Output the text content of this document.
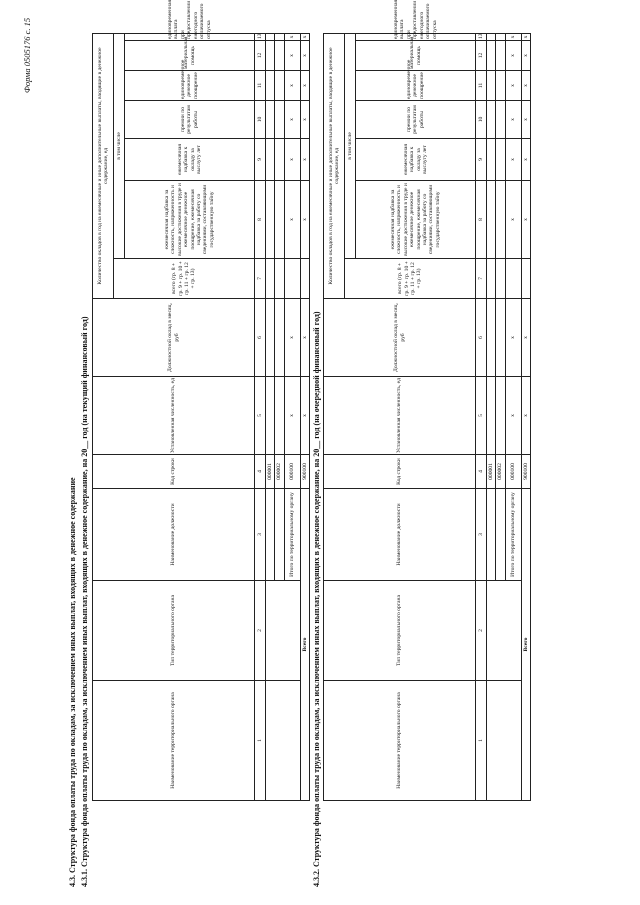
Форма 0505176 с. 15
4.3. Структура фонда оплаты труда по окладам, за исключением иных выплат, входящих в денежное содержание 4.3.1. Структура фонда оплаты труда по окладам, за исключением иных выплат, входящих в денежное содержание, на 20__ год (на текущий финансовый год)	Наименование территориального органа	Тип территориального органа	Наименование должности	Код строки	Установленная численность, ед	Должностной оклад в месяц, руб	Количество окладов в год на ежемесячные и иные дополнительные выплаты, входящие в денежное содержание, ед						
						всего (гр. 8 + гр. 9 + гр. 10 + гр. 11 + гр. 12 + гр. 13)	в том числе					
							ежемесячная надбавка за сложность, напряженность и высокие достижения в труде и ежемесячное денежное поощрение, ежемесячная надбавка за работу со сведениями, составляющими государственную тайну	ежемесячная надбавка к окладу за выслугу лет	премии по результатам работы	единовременное денежное поощрение	материальная помощь	единовременная выплата при предоставлении ежегодного оплачиваемого отпуска
1	2	3	4	5	6	7	8	9	10	11	12	13
			000001									
			000002									
		Итого по территориальному органу	000100	x	x		x	x	x	x	x	x
Всего			900100	x	x		x	x	x	x	x	x
4.3.2. Структура фонда оплаты труда по окладам, за исключением иных выплат, входящих в денежное содержание, на 20__ год (на очередной финансовый год)	Наименование территориального органа	Тип территориального органа	Наименование должности	Код строки	Установленная численность, ед	Должностной оклад в месяц, руб	Количество окладов в год на ежемесячные и иные дополнительные выплаты, входящие в денежное содержание, ед						
						всего (гр. 8 + гр. 9 + гр. 10 + гр. 11 + гр. 12 + гр. 13)	в том числе					
							ежемесячная надбавка за сложность, напряженность и высокие достижения в труде и ежемесячное денежное поощрение, ежемесячная надбавка за работу со сведениями, составляющими государственную тайну	ежемесячная надбавка к окладу за выслугу лет	премии по результатам работы	единовременное денежное поощрение	материальная помощь	единовременная выплата при предоставлении ежегодного оплачиваемого отпуска
1	2	3	4	5	6	7	8	9	10	11	12	13
			000001									
			000002									
		Итого по территориальному органу	000100	x	x		x	x	x	x	x	x
Всего			900100	x	x		x	x	x	x	x	x
